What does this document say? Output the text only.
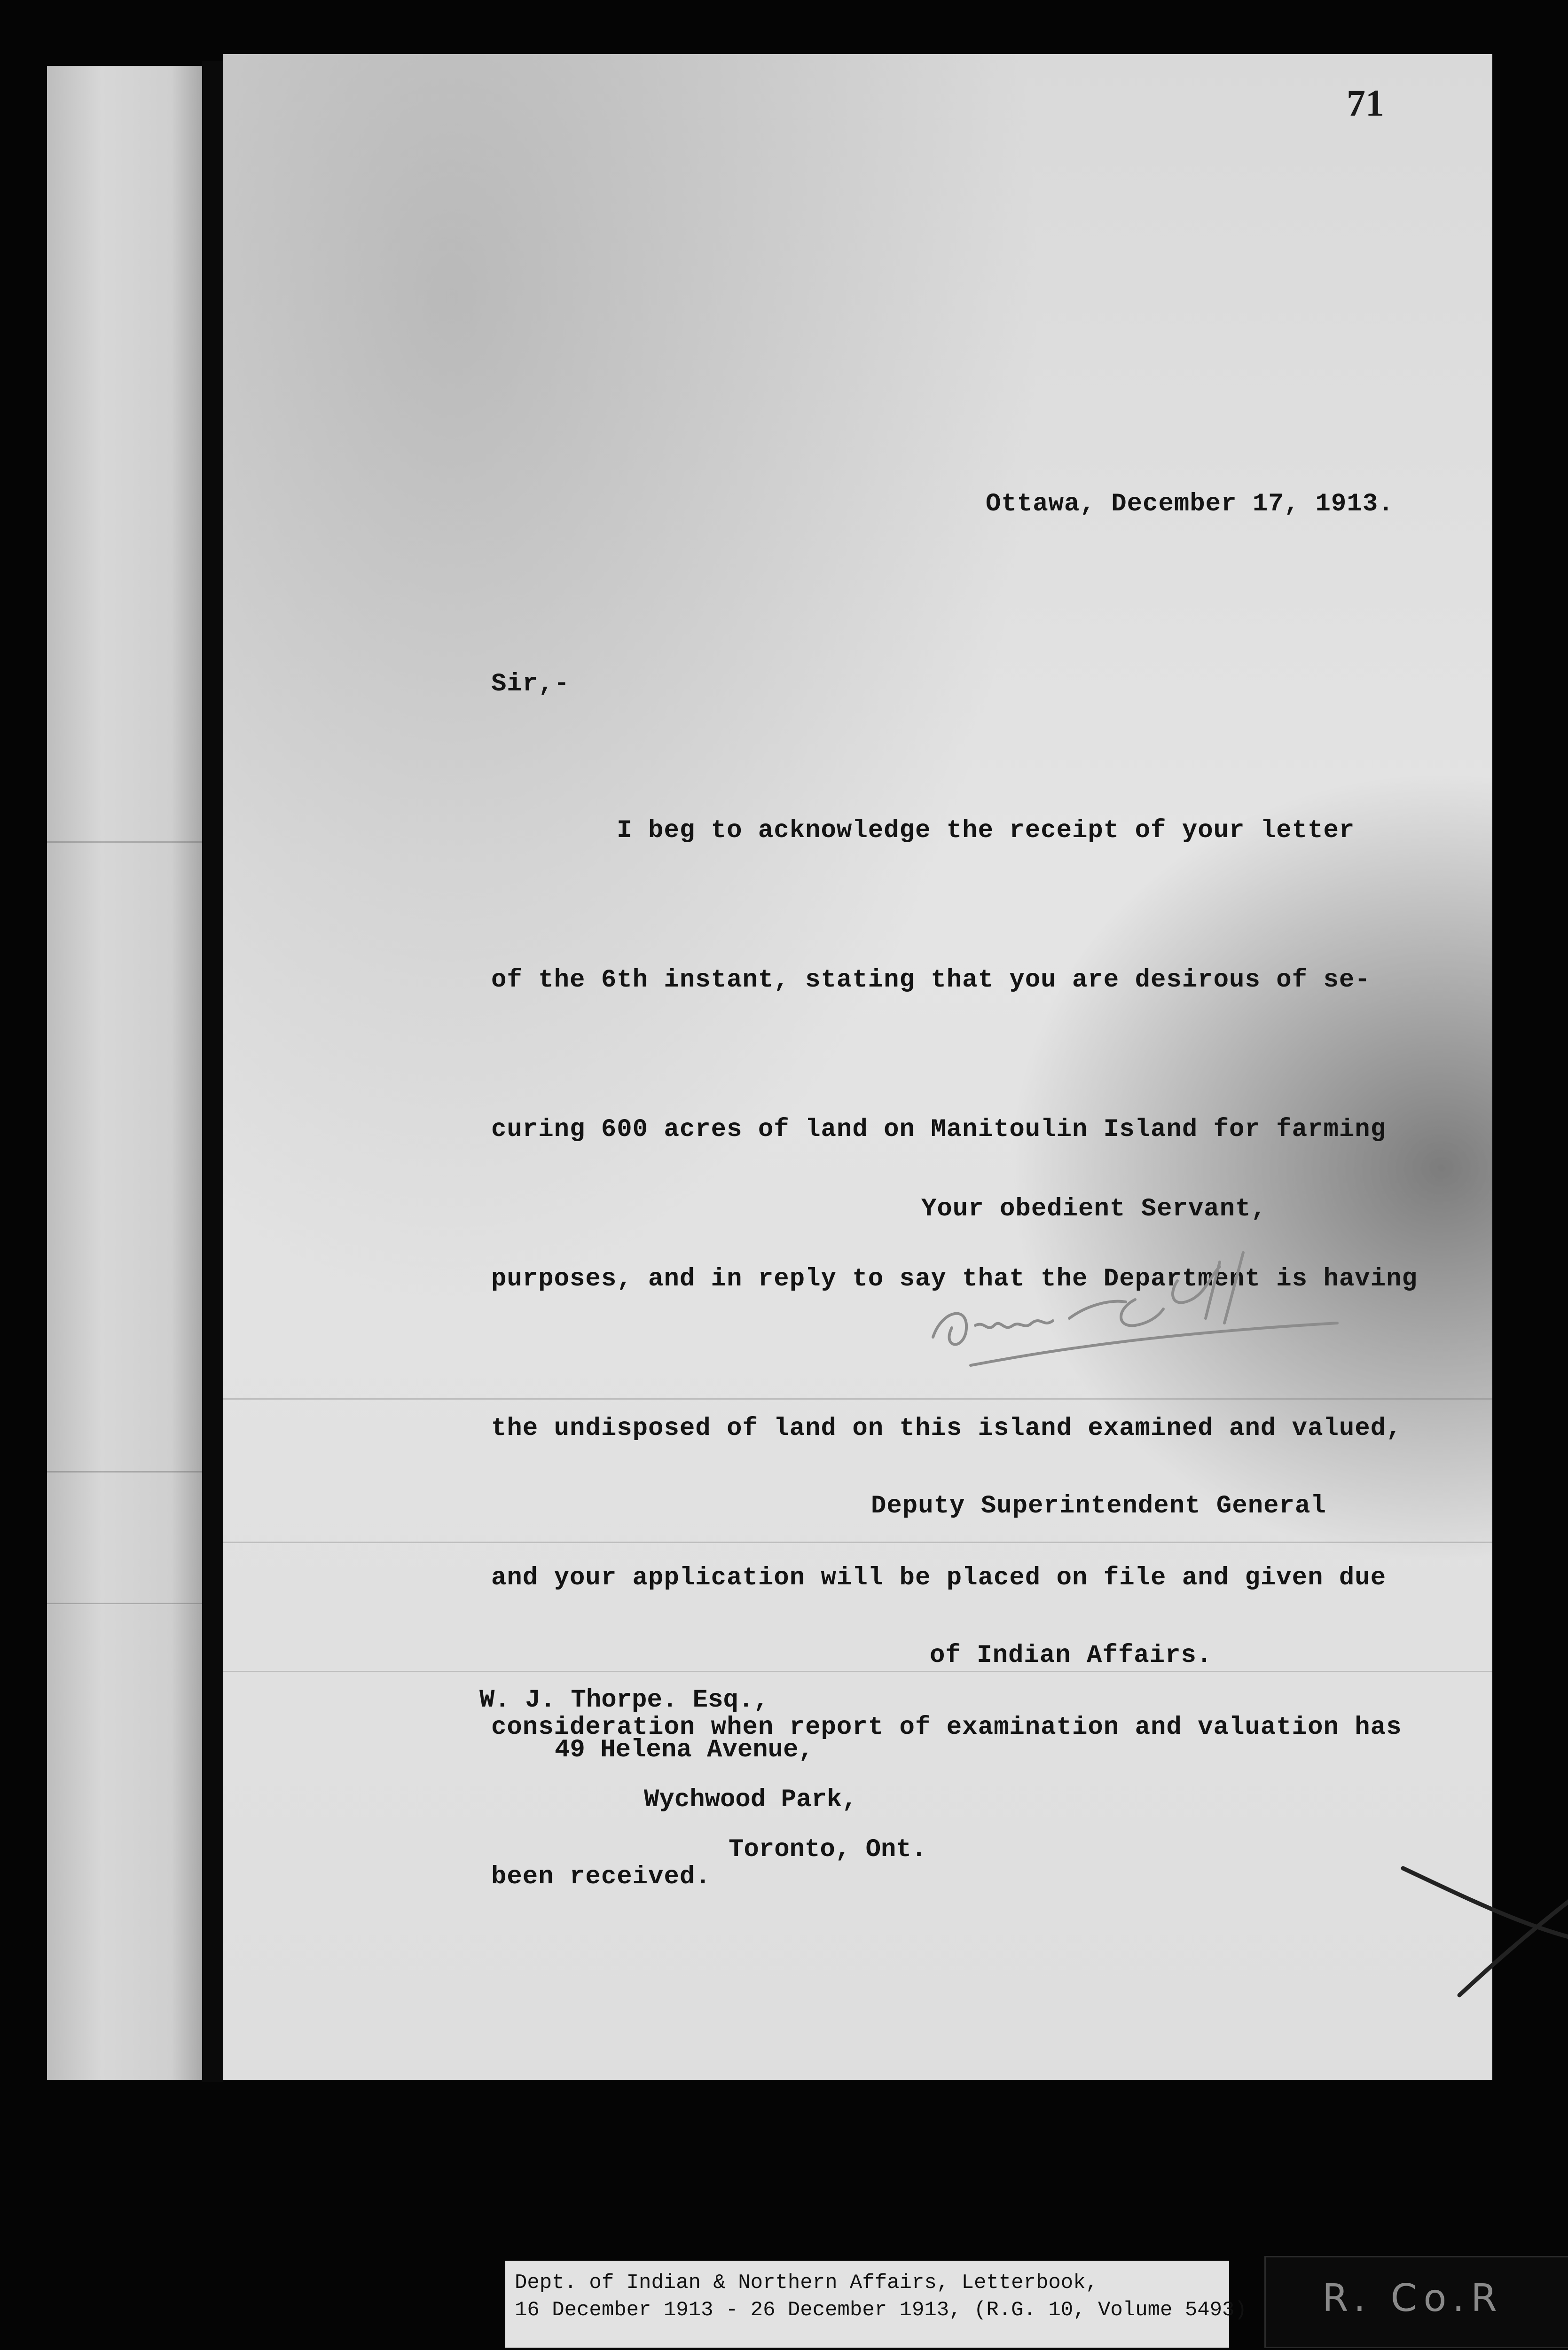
71
Ottawa, December 17, 1913.
Sir,-

I beg to acknowledge the receipt of your letter

of the 6th instant, stating that you are desirous of se-

curing 600 acres of land on Manitoulin Island for farming

purposes, and in reply to say that the Department is having

the undisposed of land on this island examined and valued,

and your application will be placed on file and given due

consideration when report of examination and valuation has

been received.

Your obedient Servant,

Deputy Superintendent General

of Indian Affairs.

W. J. Thorpe. Esq.,
49 Helena Avenue,
Wychwood Park,
Toronto, Ont.
Dept. of Indian & Northern Affairs, Letterbook,
16 December 1913 - 26 December 1913, (R.G. 10, Volume 5493) R. Co.R
